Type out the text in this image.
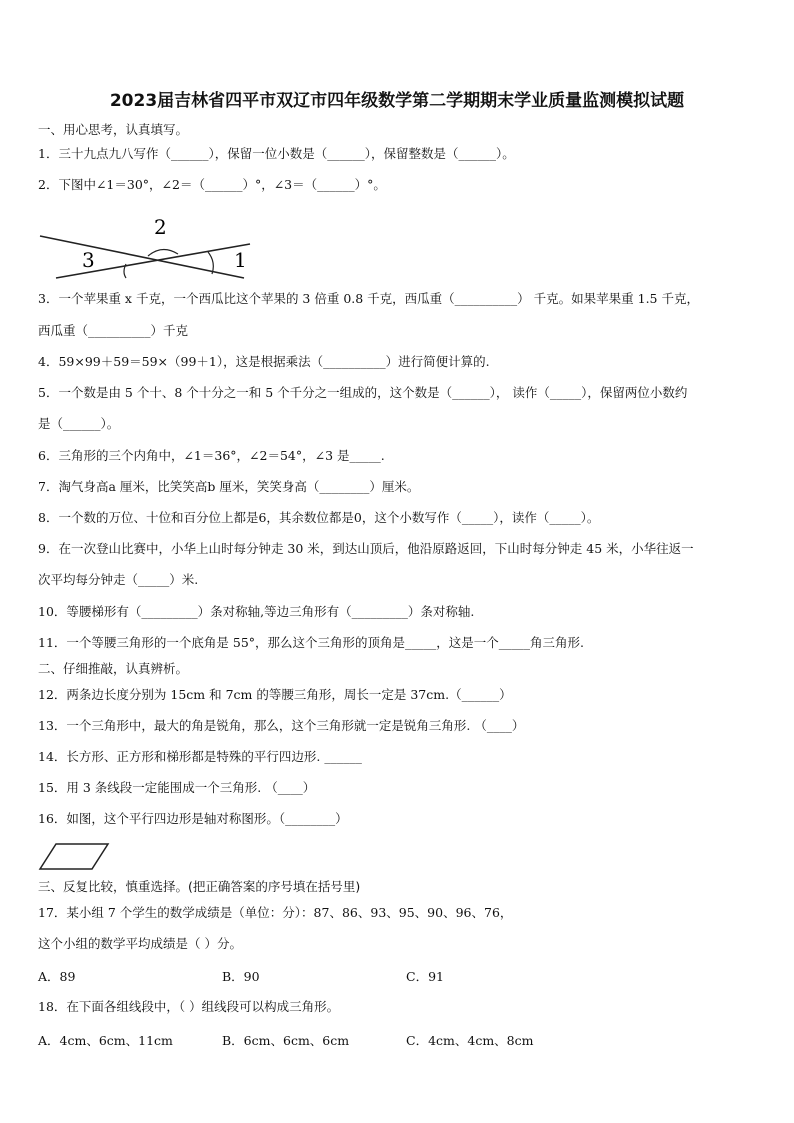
2023届吉林省四平市双辽市四年级数学第二学期期末学业质量监测模拟试题
一、用心思考，认真填写。
1．三十九点九八写作（______），保留一位小数是（______），保留整数是（______）。
2．下图中∠1＝30°，∠2＝（______）°，∠3＝（______）°。
2
3	1
3．一个苹果重 x 千克，一个西瓜比这个苹果的 3 倍重 0.8 千克，西瓜重（__________） 千克。如果苹果重 1.5 千克，
西瓜重（__________）千克
4．59×99＋59＝59×（99＋1），这是根据乘法（__________）进行简便计算的.
5．一个数是由 5 个十、8 个十分之一和 5 个千分之一组成的，这个数是（______）， 读作（_____），保留两位小数约
是（______）。
6．三角形的三个内角中，∠1＝36°，∠2＝54°，∠3 是_____.
7．淘气身高a 厘米，比笑笑高b 厘米，笑笑身高（________）厘米。
8．一个数的万位、十位和百分位上都是6，其余数位都是0，这个小数写作（_____），读作（_____）。
9．在一次登山比赛中，小华上山时每分钟走 30 米，到达山顶后，他沿原路返回，下山时每分钟走 45 米，小华往返一
次平均每分钟走（_____）米.
10．等腰梯形有（_________）条对称轴,等边三角形有（_________）条对称轴.
11．一个等腰三角形的一个底角是 55°，那么这个三角形的顶角是_____，这是一个_____角三角形.
二、仔细推敲，认真辨析。
12．两条边长度分别为 15cm 和 7cm 的等腰三角形，周长一定是 37cm.（______）
13．一个三角形中，最大的角是锐角，那么，这个三角形就一定是锐角三角形. （____）
14．长方形、正方形和梯形都是特殊的平行四边形. ______
15．用 3 条线段一定能围成一个三角形. （____）
16．如图，这个平行四边形是轴对称图形。（________）
三、反复比较，慎重选择。(把正确答案的序号填在括号里)
17．某小组 7 个学生的数学成绩是（单位：分）：87、86、93、95、90、96、76，
这个小组的数学平均成绩是（ ）分。
A．89	B．90	C．91
18．在下面各组线段中，（ ）组线段可以构成三角形。
A．4cm、6cm、11cm	B．6cm、6cm、6cm	C．4cm、4cm、8cm
